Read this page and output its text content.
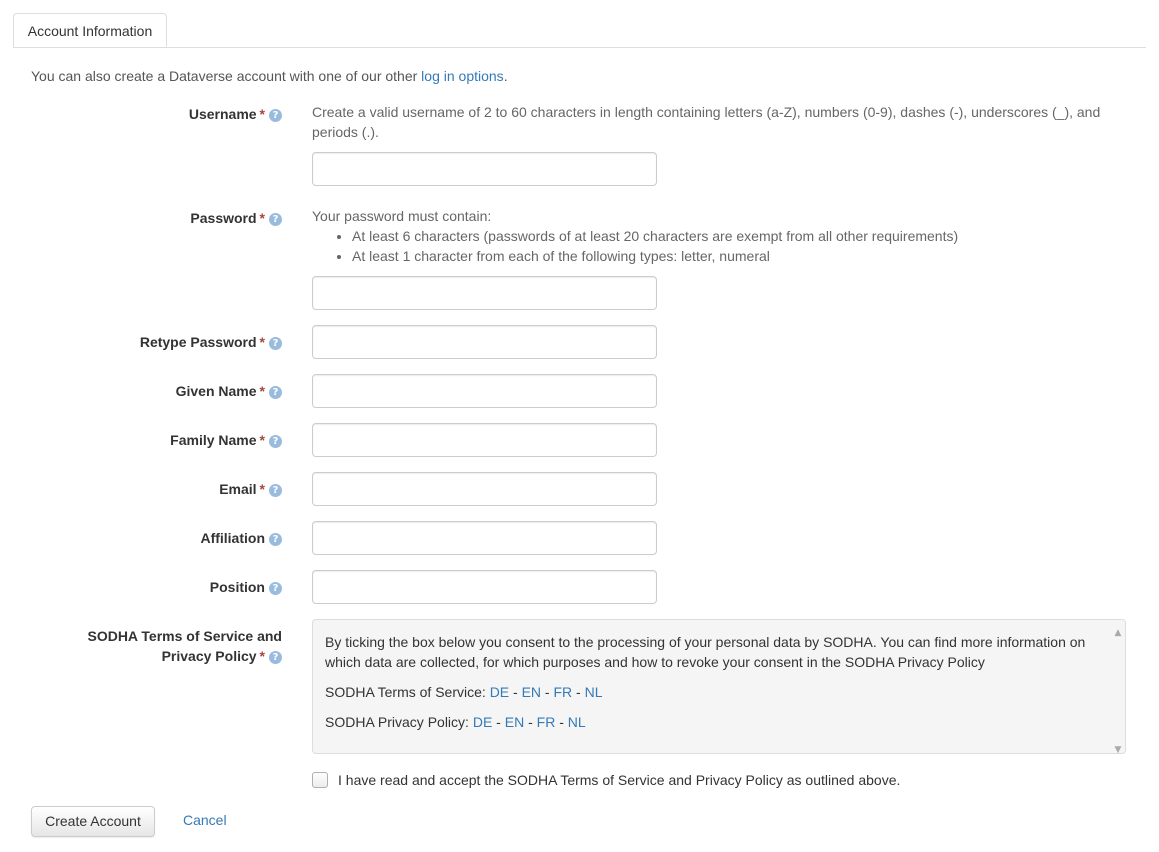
Account Information
You can also create a Dataverse account with one of our other log in options.
Username * ? Create a valid username of 2 to 60 characters in length containing letters (a-Z), numbers (0-9), dashes (-), underscores (_), and
periods (.).
Password * ? Your password must contain:
• At least 6 characters (passwords of at least 20 characters are exempt from all other requirements)
• At least 1 character from each of the following types: letter, numeral
Retype Password * ?
Given Name * ?
Family Name * ?
Email * ?
Affiliation ?
Position ?
SODHA Terms of Service and
Privacy Policy * ?

By ticking the box below you consent to the processing of your personal data by SODHA. You can find more information on which data are collected, for which purposes and how to revoke your consent in the SODHA Privacy Policy

SODHA Terms of Service: DE - EN - FR - NL

SODHA Privacy Policy: DE - EN - FR - NL

▲
▼
I have read and accept the SODHA Terms of Service and Privacy Policy as outlined above.
Create Account	Cancel
